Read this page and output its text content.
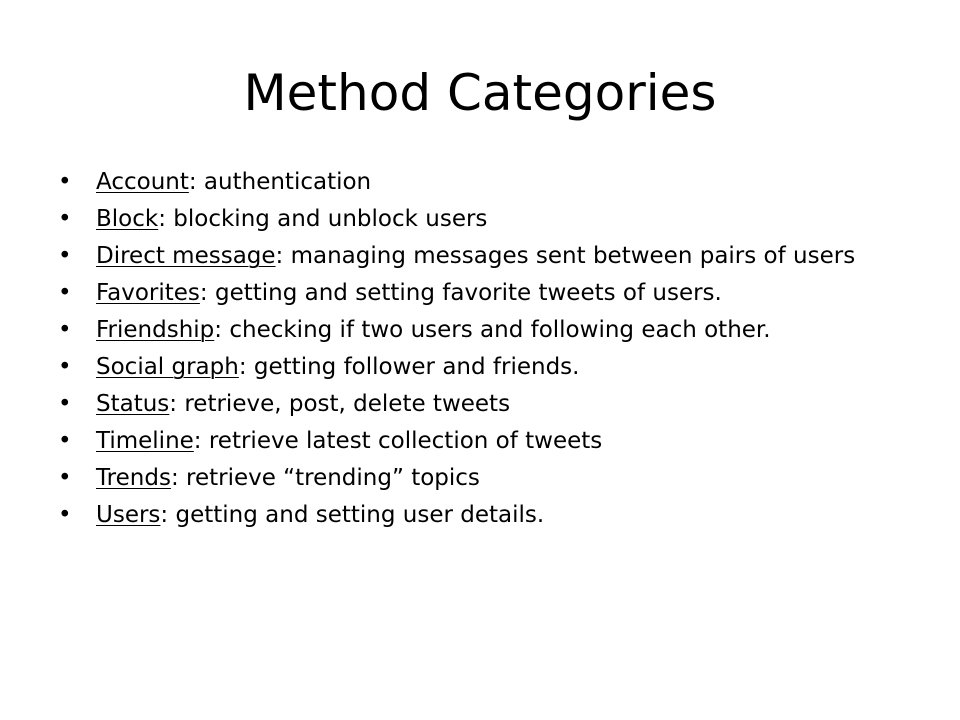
Method Categories
• Account: authentication
• Block: blocking and unblock users
• Direct message: managing messages sent between pairs of users
• Favorites: getting and setting favorite tweets of users.
• Friendship: checking if two users and following each other.
• Social graph: getting follower and friends.
• Status: retrieve, post, delete tweets
• Timeline: retrieve latest collection of tweets
• Trends: retrieve “trending” topics
• Users: getting and setting user details.
